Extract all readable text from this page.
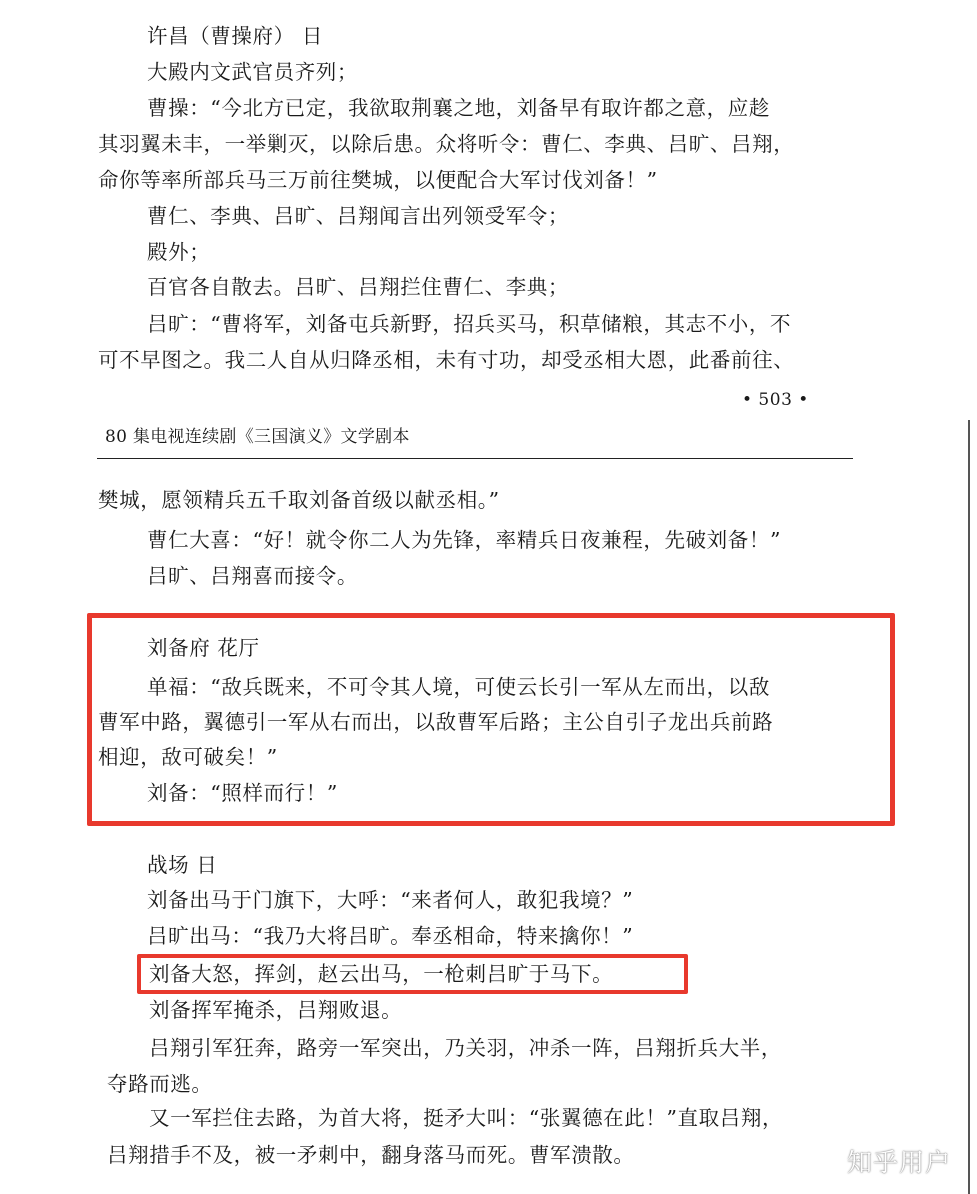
许昌（曹操府） 日
大殿内文武官员齐列；
曹操：“今北方已定，我欲取荆襄之地，刘备早有取许都之意，应趁
其羽翼未丰，一举剿灭，以除后患。众将听令：曹仁、李典、吕旷、吕翔，
命你等率所部兵马三万前往樊城，以便配合大军讨伐刘备！”
曹仁、李典、吕旷、吕翔闻言出列领受军令；
殿外；
百官各自散去。吕旷、吕翔拦住曹仁、李典；
吕旷：“曹将军，刘备屯兵新野，招兵买马，积草储粮，其志不小，不
可不早图之。我二人自从归降丞相，未有寸功，却受丞相大恩，此番前往、
• 503 •
80 集电视连续剧《三国演义》文学剧本
樊城，愿领精兵五千取刘备首级以献丞相。”
曹仁大喜：“好！就令你二人为先锋，率精兵日夜兼程，先破刘备！”
吕旷、吕翔喜而接令。
刘备府 花厅
单福：“敌兵既来，不可令其人境，可使云长引一军从左而出，以敌
曹军中路，翼德引一军从右而出，以敌曹军后路；主公自引子龙出兵前路
相迎，敌可破矣！”
刘备：“照样而行！”
战场 日
刘备出马于门旗下，大呼：“来者何人，敢犯我境？”
吕旷出马：“我乃大将吕旷。奉丞相命，特来擒你！”
刘备大怒，挥剑，赵云出马，一枪刺吕旷于马下。
刘备挥军掩杀，吕翔败退。
吕翔引军狂奔，路旁一军突出，乃关羽，冲杀一阵，吕翔折兵大半，
夺路而逃。
又一军拦住去路，为首大将，挺矛大叫：“张翼德在此！”直取吕翔，
吕翔措手不及，被一矛刺中，翻身落马而死。曹军溃散。	知乎用户
